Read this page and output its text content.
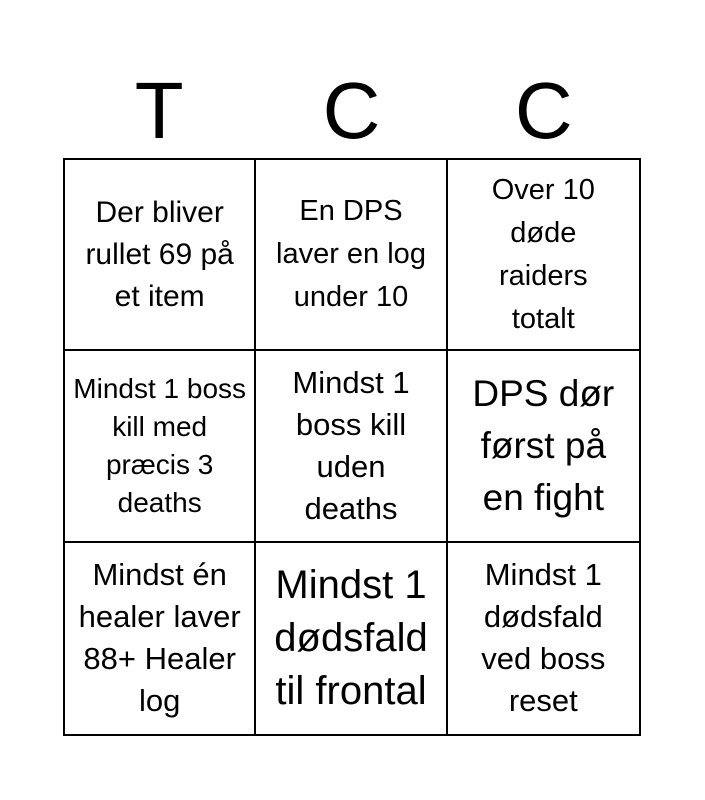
T	C	C
Der bliver rullet 69 på et item
En DPS laver en log under 10
Over 10 døde raiders totalt
Mindst 1 boss kill med præcis 3 deaths
Mindst 1 boss kill uden deaths
DPS dør først på en fight
Mindst én healer laver 88+ Healer log
Mindst 1 dødsfald til frontal
Mindst 1 dødsfald ved boss reset
